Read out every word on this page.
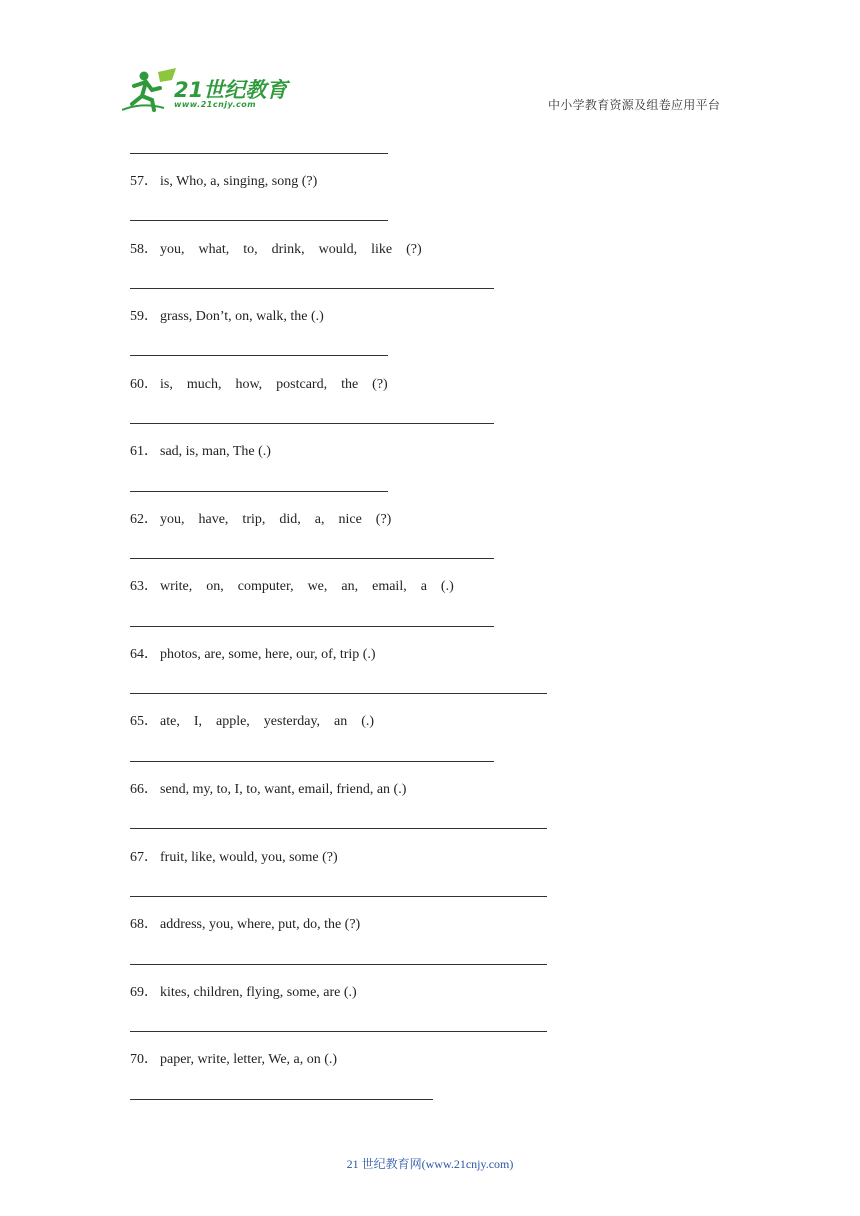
21世纪教育
www.21cnjy.com	中小学教育资源及组卷应用平台
57． is, Who, a, singing, song (?)
58． you,    what,    to,    drink,    would,    like    (?)
59． grass, Don’t, on, walk, the (.)
60． is,    much,    how,    postcard,    the    (?)
61． sad, is, man, The (.)
62． you,    have,    trip,    did,    a,    nice    (?)
63． write,    on,    computer,    we,    an,    email,    a    (.)
64． photos, are, some, here, our, of, trip (.)
65． ate,    I,    apple,    yesterday,    an    (.)
66． send, my, to, I, to, want, email, friend, an (.)
67． fruit, like, would, you, some (?)
68． address, you, where, put, do, the (?)
69． kites, children, flying, some, are (.)
70． paper, write, letter, We, a, on (.)
21 世纪教育网(www.21cnjy.com)
